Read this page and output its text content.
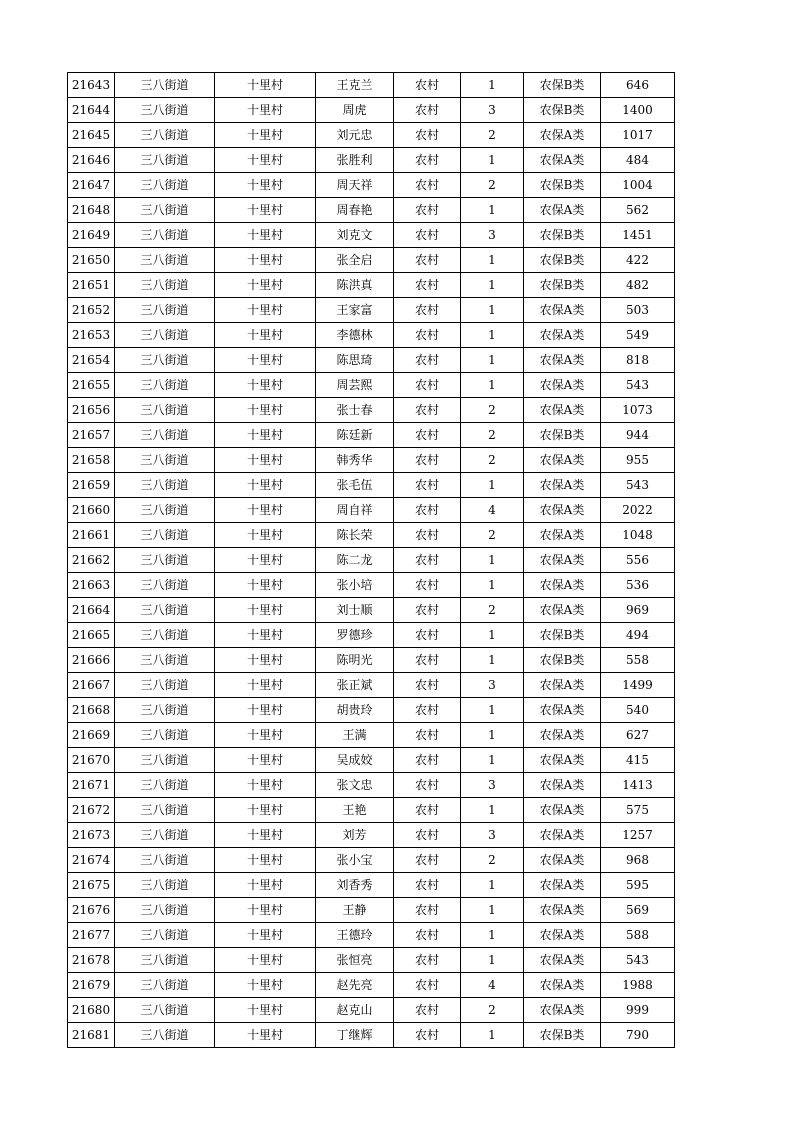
21643	三八街道	十里村	王克兰	农村	1	农保B类	646
21644	三八街道	十里村	周虎	农村	3	农保B类	1400
21645	三八街道	十里村	刘元忠	农村	2	农保A类	1017
21646	三八街道	十里村	张胜利	农村	1	农保A类	484
21647	三八街道	十里村	周天祥	农村	2	农保B类	1004
21648	三八街道	十里村	周春艳	农村	1	农保A类	562
21649	三八街道	十里村	刘克文	农村	3	农保B类	1451
21650	三八街道	十里村	张全启	农村	1	农保B类	422
21651	三八街道	十里村	陈洪真	农村	1	农保B类	482
21652	三八街道	十里村	王家富	农村	1	农保A类	503
21653	三八街道	十里村	李德林	农村	1	农保A类	549
21654	三八街道	十里村	陈思琦	农村	1	农保A类	818
21655	三八街道	十里村	周芸熙	农村	1	农保A类	543
21656	三八街道	十里村	张士春	农村	2	农保A类	1073
21657	三八街道	十里村	陈廷新	农村	2	农保B类	944
21658	三八街道	十里村	韩秀华	农村	2	农保A类	955
21659	三八街道	十里村	张毛伍	农村	1	农保A类	543
21660	三八街道	十里村	周自祥	农村	4	农保A类	2022
21661	三八街道	十里村	陈长荣	农村	2	农保A类	1048
21662	三八街道	十里村	陈二龙	农村	1	农保A类	556
21663	三八街道	十里村	张小培	农村	1	农保A类	536
21664	三八街道	十里村	刘士顺	农村	2	农保A类	969
21665	三八街道	十里村	罗德珍	农村	1	农保B类	494
21666	三八街道	十里村	陈明光	农村	1	农保B类	558
21667	三八街道	十里村	张正斌	农村	3	农保A类	1499
21668	三八街道	十里村	胡贵玲	农村	1	农保A类	540
21669	三八街道	十里村	王满	农村	1	农保A类	627
21670	三八街道	十里村	吴成姣	农村	1	农保A类	415
21671	三八街道	十里村	张文忠	农村	3	农保A类	1413
21672	三八街道	十里村	王艳	农村	1	农保A类	575
21673	三八街道	十里村	刘芳	农村	3	农保A类	1257
21674	三八街道	十里村	张小宝	农村	2	农保A类	968
21675	三八街道	十里村	刘香秀	农村	1	农保A类	595
21676	三八街道	十里村	王静	农村	1	农保A类	569
21677	三八街道	十里村	王德玲	农村	1	农保A类	588
21678	三八街道	十里村	张恒亮	农村	1	农保A类	543
21679	三八街道	十里村	赵先亮	农村	4	农保A类	1988
21680	三八街道	十里村	赵克山	农村	2	农保A类	999
21681	三八街道	十里村	丁继辉	农村	1	农保B类	790
